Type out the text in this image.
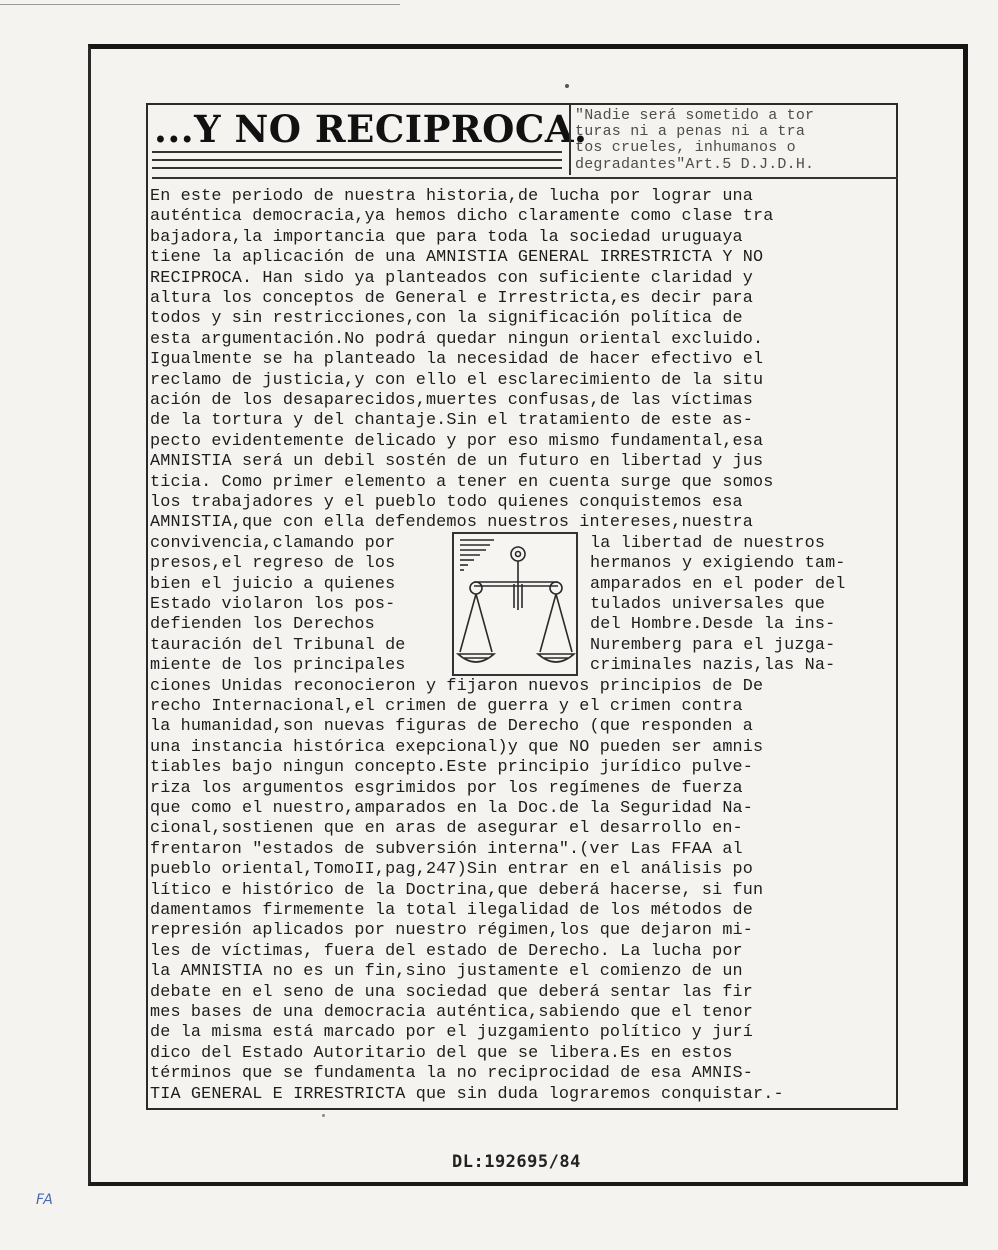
...Y NO RECIPROCA.
"Nadie será sometido a tor
turas ni a penas ni a tra
tos crueles, inhumanos o
degradantes"Art.5 D.J.D.H.
En este periodo de nuestra historia,de lucha por lograr una
auténtica democracia,ya hemos dicho claramente como clase tra
bajadora,la importancia que para toda la sociedad uruguaya
tiene la aplicación de una AMNISTIA GENERAL IRRESTRICTA Y NO
RECIPROCA. Han sido ya planteados con suficiente claridad y
altura los conceptos de General e Irrestricta,es decir para
todos y sin restricciones,con la significación política de
esta argumentación.No podrá quedar ningun oriental excluido.
Igualmente se ha planteado la necesidad de hacer efectivo el
reclamo de justicia,y con ello el esclarecimiento de la situ
ación de los desaparecidos,muertes confusas,de las víctimas
de la tortura y del chantaje.Sin el tratamiento de este as-
pecto evidentemente delicado y por eso mismo fundamental,esa
AMNISTIA será un debil sostén de un futuro en libertad y jus
ticia. Como primer elemento a tener en cuenta surge que somos
los trabajadores y el pueblo todo quienes conquistemos esa
AMNISTIA,que con ella defendemos nuestros intereses,nuestra
convivencia,clamando por
presos,el regreso de los
bien el juicio a quienes
Estado violaron los pos-
defienden los Derechos
tauración del Tribunal de
miente de los principales
la libertad de nuestros
hermanos y exigiendo tam-
amparados en el poder del
tulados universales que
del Hombre.Desde la ins-
Nuremberg para el juzga-
criminales nazis,las Na-
ciones Unidas reconocieron y fijaron nuevos principios de De
recho Internacional,el crimen de guerra y el crimen contra
la humanidad,son nuevas figuras de Derecho (que responden a
una instancia histórica exepcional)y que NO pueden ser amnis
tiables bajo ningun concepto.Este principio jurídico pulve-
riza los argumentos esgrimidos por los regímenes de fuerza
que como el nuestro,amparados en la Doc.de la Seguridad Na-
cional,sostienen que en aras de asegurar el desarrollo en-
frentaron "estados de subversión interna".(ver Las FFAA al
pueblo oriental,TomoII,pag,247)Sin entrar en el análisis po
lítico e histórico de la Doctrina,que deberá hacerse, si fun
damentamos firmemente la total ilegalidad de los métodos de
represión aplicados por nuestro régimen,los que dejaron mi-
les de víctimas, fuera del estado de Derecho. La lucha por
la AMNISTIA no es un fin,sino justamente el comienzo de un
debate en el seno de una sociedad que deberá sentar las fir
mes bases de una democracia auténtica,sabiendo que el tenor
de la misma está marcado por el juzgamiento político y jurí
dico del Estado Autoritario del que se libera.Es en estos
términos que se fundamenta la no reciprocidad de esa AMNIS-
TIA GENERAL E IRRESTRICTA que sin duda lograremos conquistar.-
DL:192695/84
FA
